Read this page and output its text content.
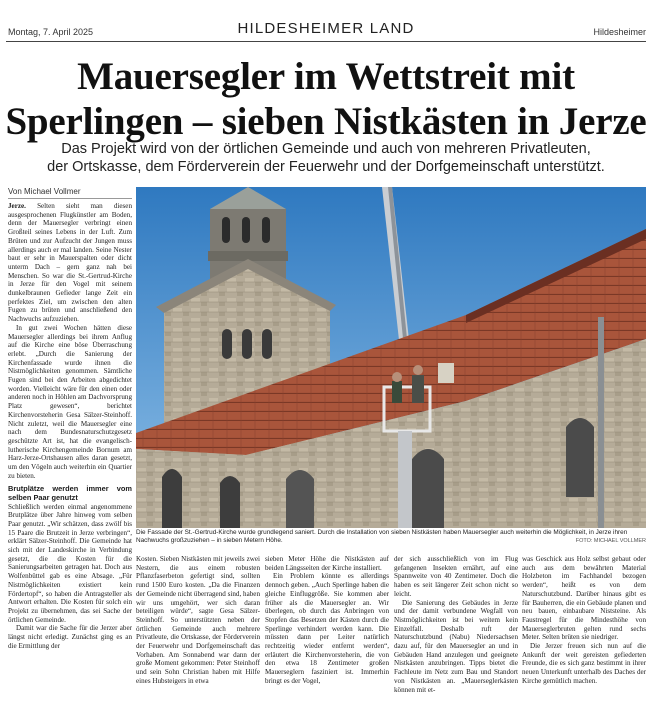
Montag, 7. April 2025	HILDESHEIMER LAND	Hildesheimer
Mauersegler im Wettstreit mit
Sperlingen – sieben Nistkästen in Jerze

Das Projekt wird von der örtlichen Gemeinde und auch von mehreren Privatleuten,
der Ortskasse, dem Förderverein der Feuerwehr und der Dorfgemeinschaft unterstützt.

Von Michael Vollmer

Jerze. Selten sieht man diesen ausgesprochenen Flugkünstler am Boden, denn der Mauersegler verbringt einen Großteil seines Lebens in der Luft. Zum Brüten und zur Aufzucht der Jungen muss allerdings auch er mal landen. Seine Nester baut er sehr in Mauerspalten oder dicht unterm Dach – gern ganz nah bei Menschen. So war die St.-Gertrud-Kirche in Jerze für den Vogel mit seinem dunkelbraunen Gefieder lange Zeit ein perfektes Ziel, um zwischen den alten Fugen zu brüten und anschließend den Nachwuchs aufzuziehen.

In gut zwei Wochen hätten diese Mauersegler allerdings bei ihrem Anflug auf die Kirche eine böse Überraschung erlebt. „Durch die Sanierung der Kirchenfassade wurde ihnen die Nistmöglichkeiten genommen. Sämtliche Fugen sind bei den Arbeiten abgedichtet worden. Vielleicht wäre für den einen oder anderen noch in Höhlen am Dachvorsprung Platz gewesen“, berichtet Kirchenvorsteherin Gesa Sälzer-Steinhoff. Nicht zuletzt, weil die Mauersegler eine nach dem Bundesnaturschutzgesetz geschützte Art ist, hat die evangelisch-lutherische Kirchengemeinde Bornum am Harz-Jerze-Ortshausen alles daran gesetzt, um den Vögeln auch weiterhin ein Quartier zu bieten.

Brutplätze werden immer vom selben Paar genutzt

Schließlich werden einmal angenommene Brutplätze über Jahre hinweg vom selben Paar genutzt. „Wir schätzen, dass zwölf bis 15 Paare die Brutzeit in Jerze verbringen“, erklärt Sälzer-Steinhoff. Die Gemeinde hat sich mit der Landeskirche in Verbindung gesetzt, die die Kosten für die Sanierungsarbeiten getragen hat. Doch aus Wolfenbüttel gab es eine Absage. „Für Nistmöglichkeiten existiert kein Fördertopf“, so haben die Antragsteller als Antwort erhalten. Die Kosten für solch ein Projekt zu übernehmen, das sei Sache der örtlichen Gemeinde.

Damit war die Sache für die Jerzer aber längst nicht erledigt. Zunächst ging es an die Ermittlung der

Die Fassade der St.-Gertrud-Kirche wurde grundlegend saniert. Durch die Installation von sieben Nistkästen haben Mauersegler auch weiterhin die Möglichkeit, in Jerze ihren Nachwuchs großzuziehen – in sieben Metern Höhe.	FOTO: MICHAEL VOLLMER

Kosten. Sieben Nistkästen mit jeweils zwei Nestern, die aus einem robusten Pflanzfaserbeton gefertigt sind, sollten rund 1500 Euro kosten. „Da die Finanzen der Gemeinde nicht überragend sind, haben wir uns umgehört, wer sich daran beteiligen würde“, sagte Gesa Sälzer-Steinhoff. So unterstützten neben der örtlichen Gemeinde auch mehrere Privatleute, die Ortskasse, der Förderverein der Feuerwehr und Dorfgemeinschaft das Vorhaben. Am Sonnabend war dann der große Moment gekommen: Peter Steinhoff und sein Sohn Christian haben mit Hilfe eines Hubsteigers in etwa

sieben Meter Höhe die Nistkästen auf beiden Längsseiten der Kirche installiert.

Ein Problem könnte es allerdings dennoch geben. „Auch Sperlinge haben die gleiche Einfluggröße. Sie kommen aber früher als die Mauersegler an. Wir überlegen, ob durch das Anbringen von Stopfen das Besetzen der Kästen durch die Sperlinge verhindert werden kann. Die müssten dann per Leiter natürlich rechtzeitig wieder entfernt werden“, erläutert die Kirchenvorsteherin, die von den etwa 18 Zentimeter großen Mauerseglern fasziniert ist. Immerhin bringt es der Vogel,

der sich ausschließlich von im Flug gefangenen Insekten ernährt, auf eine Spannweite von 40 Zentimeter. Doch die haben es seit längerer Zeit schon nicht so leicht.

Die Sanierung des Gebäudes in Jerze und der damit verbundene Wegfall von Nistmöglichkeiten ist bei weitem kein Einzelfall. Deshalb ruft der Naturschutzbund (Nabu) Niedersachsen dazu auf, für den Mauersegler an und in Gebäuden Hand anzulegen und geeignete Nistkästen anzubringen. Tipps bietet die Fachleute im Netz zum Bau und Standort von Nistkästen an. „Mauerseglerkästen können mit et-

was Geschick aus Holz selbst gebaut oder auch aus dem bewährten Material Holzbeton im Fachhandel bezogen werden“, heißt es von dem Naturschutzbund. Darüber hinaus gibt es für Bauherren, die ein Gebäude planen und neu bauen, einbaubare Niststeine. Als Faustregel für die Mindesthöhe von Mauerseglerbruten gelten rund sechs Meter. Selten brüten sie niedriger.

Die Jerzer freuen sich nun auf die Ankunft der weit gereisten gefiederten Freunde, die es sich ganz bestimmt in ihrer neuen Unterkunft unterhalb des Daches der Kirche gemütlich machen.
